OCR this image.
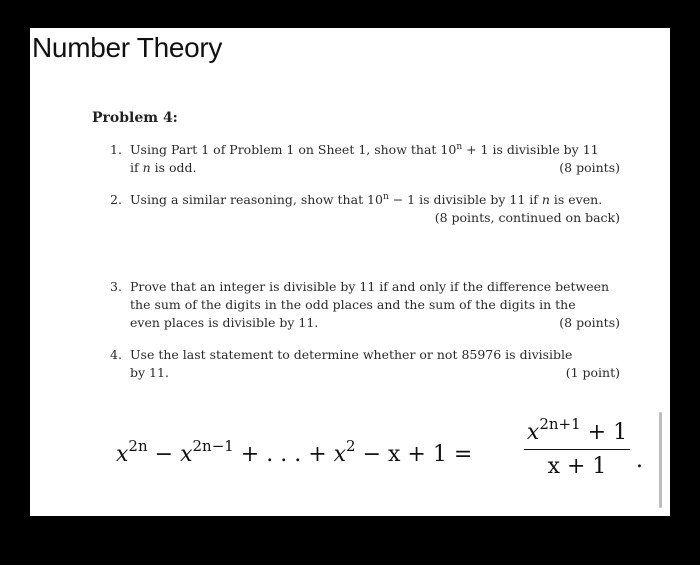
Number Theory
Problem 4:
1. Using Part 1 of Problem 1 on Sheet 1, show that $10^n + 1$ is divisible by 11
if n is odd.	(8 points)
2. Using a similar reasoning, show that $10^n - 1$ is divisible by 11 if n is even.
(8 points, continued on back)
3. Prove that an integer is divisible by 11 if and only if the difference between
the sum of the digits in the odd places and the sum of the digits in the
even places is divisible by 11.	(8 points)
4. Use the last statement to determine whether or not 85976 is divisible
by 11.	(1 point)
$x^{2n} - x^{2n-1}$ + . . . + $x^2 - x + 1$ =
$x^{2n+1} + 1$
x + 1	.
